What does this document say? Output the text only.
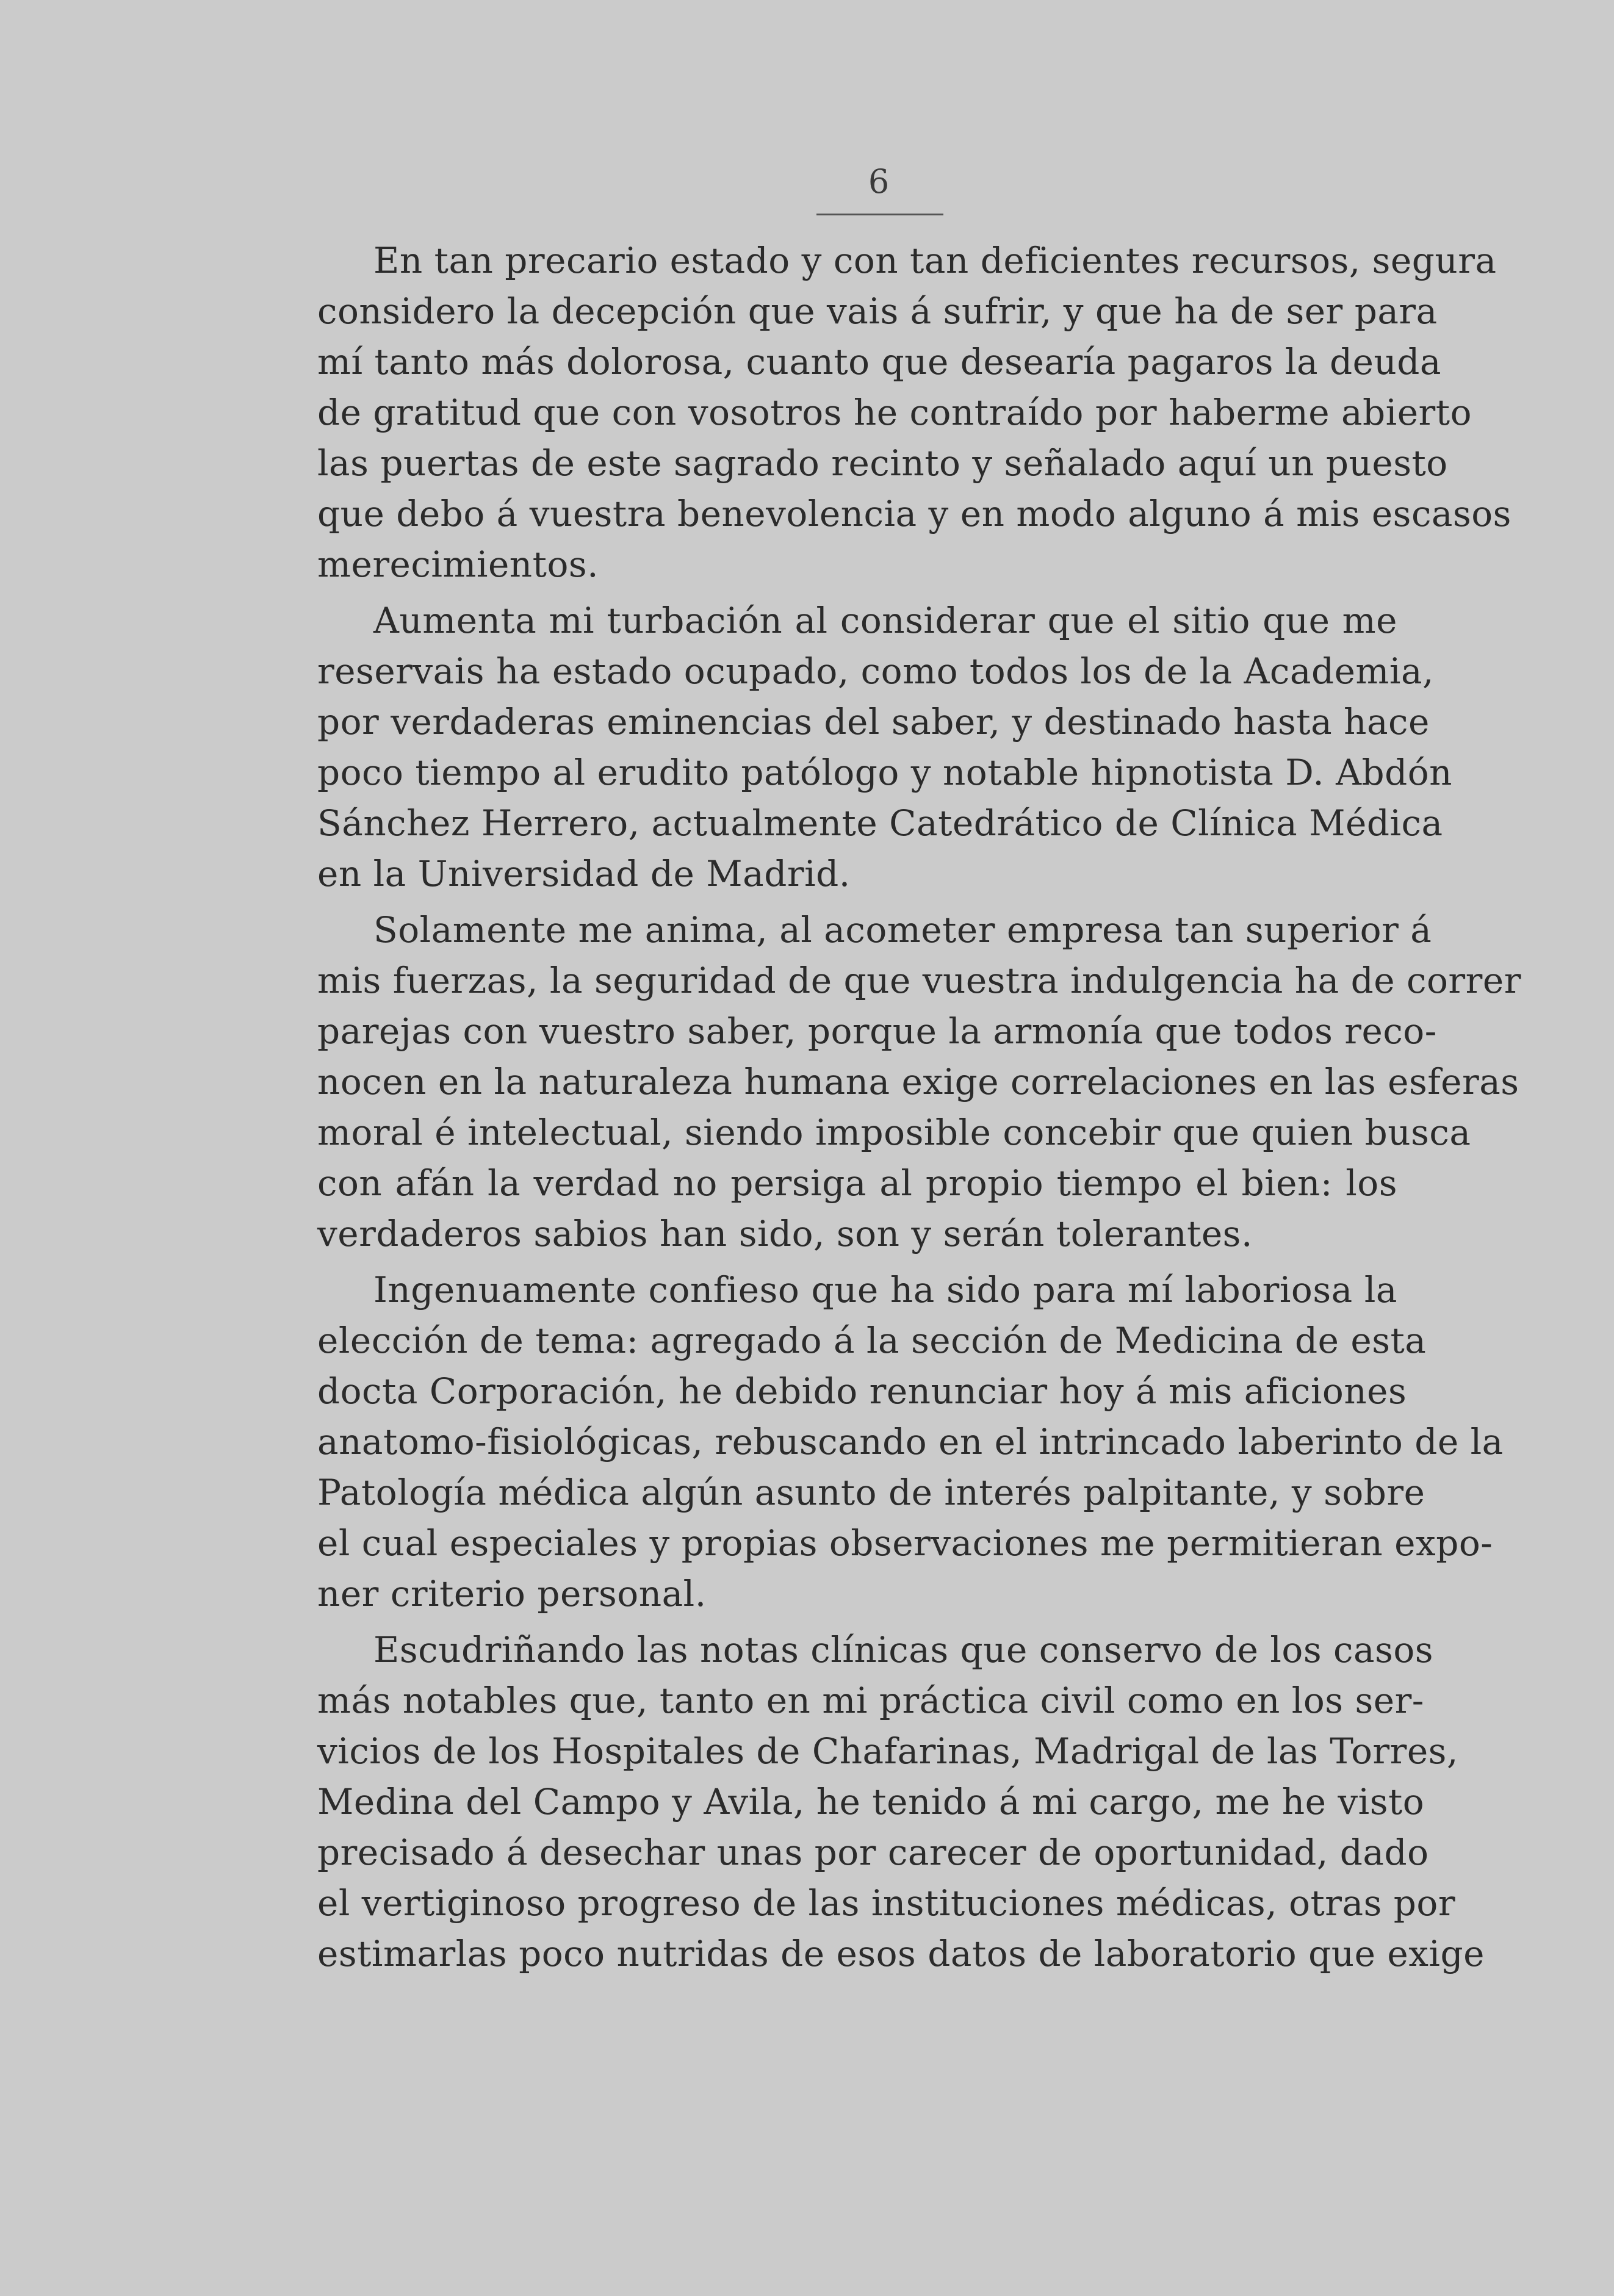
6
En tan precario estado y con tan deficientes recursos, segura
considero la decepción que vais á sufrir, y que ha de ser para
mí tanto más dolorosa, cuanto que desearía pagaros la deuda
de gratitud que con vosotros he contraído por haberme abierto
las puertas de este sagrado recinto y señalado aquí un puesto
que debo á vuestra benevolencia y en modo alguno á mis escasos
merecimientos.
Aumenta mi turbación al considerar que el sitio que me
reservais ha estado ocupado, como todos los de la Academia,
por verdaderas eminencias del saber, y destinado hasta hace
poco tiempo al erudito patólogo y notable hipnotista D. Abdón
Sánchez Herrero, actualmente Catedrático de Clínica Médica
en la Universidad de Madrid.
Solamente me anima, al acometer empresa tan superior á
mis fuerzas, la seguridad de que vuestra indulgencia ha de correr
parejas con vuestro saber, porque la armonía que todos reco-
nocen en la naturaleza humana exige correlaciones en las esferas
moral é intelectual, siendo imposible concebir que quien busca
con afán la verdad no persiga al propio tiempo el bien: los
verdaderos sabios han sido, son y serán tolerantes.
Ingenuamente confieso que ha sido para mí laboriosa la
elección de tema: agregado á la sección de Medicina de esta
docta Corporación, he debido renunciar hoy á mis aficiones
anatomo-fisiológicas, rebuscando en el intrincado laberinto de la
Patología médica algún asunto de interés palpitante, y sobre
el cual especiales y propias observaciones me permitieran expo-
ner criterio personal.
Escudriñando las notas clínicas que conservo de los casos
más notables que, tanto en mi práctica civil como en los ser-
vicios de los Hospitales de Chafarinas, Madrigal de las Torres,
Medina del Campo y Avila, he tenido á mi cargo, me he visto
precisado á desechar unas por carecer de oportunidad, dado
el vertiginoso progreso de las instituciones médicas, otras por
estimarlas poco nutridas de esos datos de laboratorio que exige
